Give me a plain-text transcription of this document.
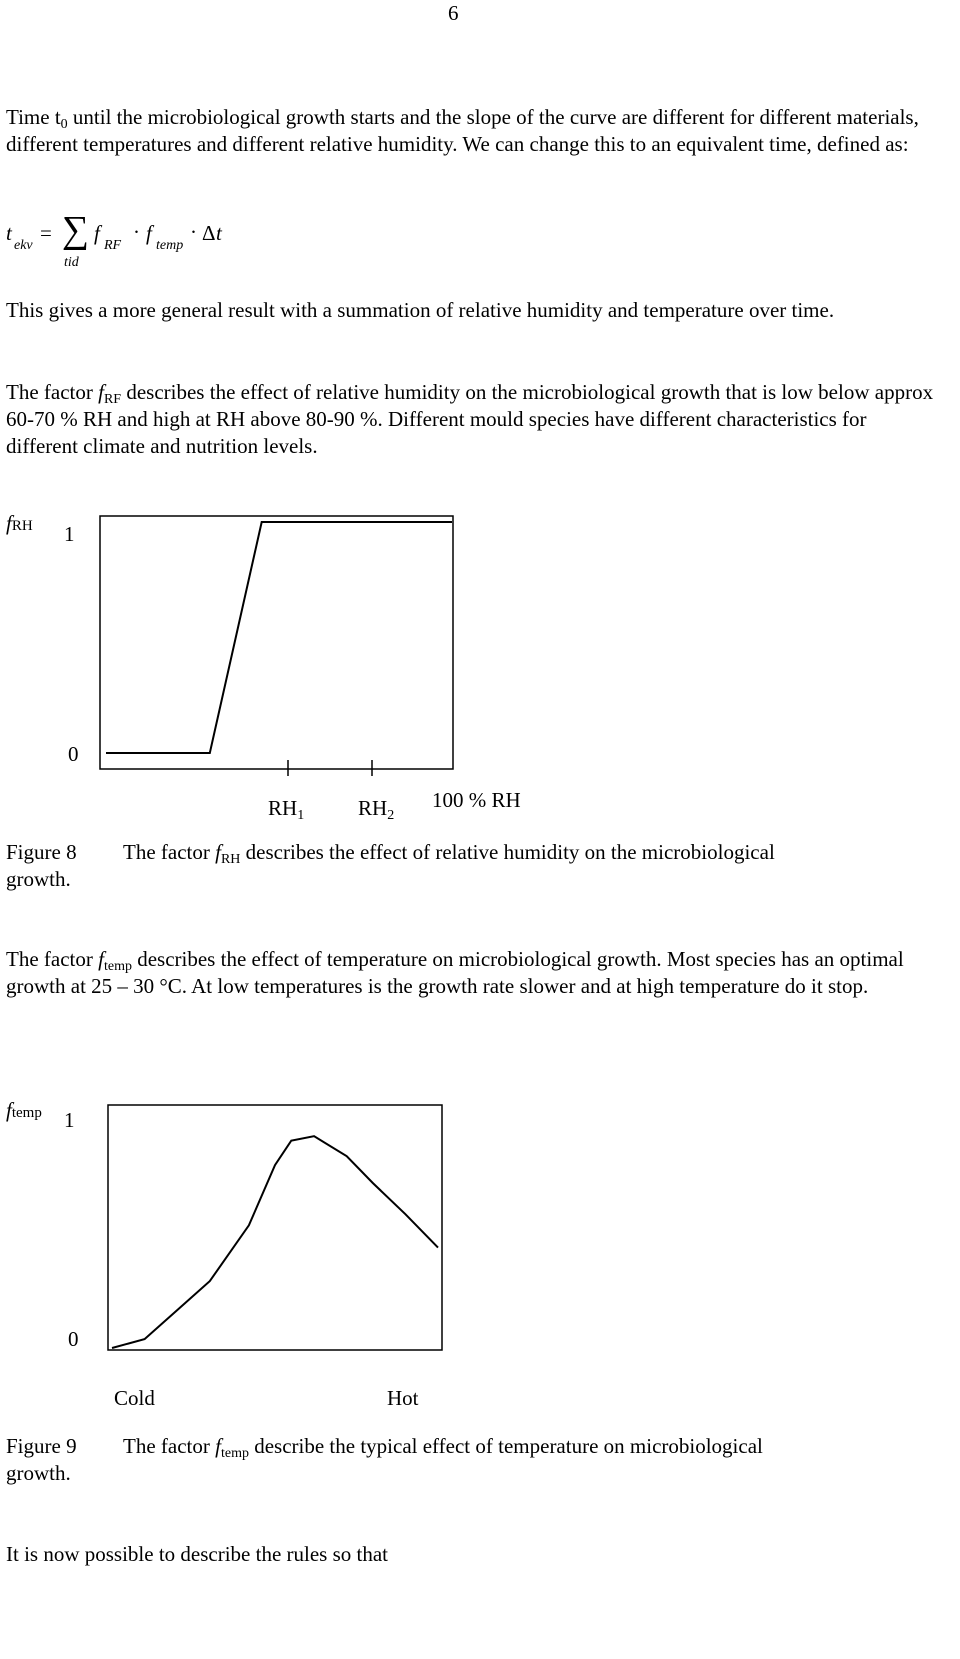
6

Time $t_0$ until the microbiological growth starts and the slope of the curve are different for different materials, different temperatures and different relative humidity. We can change this to an equivalent time, defined as:

t
ekv
= ∑
tid
f
RF
· f
temp
· Δ t

This gives a more general result with a summation of relative humidity and temperature over time.

The factor $f_{RF}$ describes the effect of relative humidity on the microbiological growth that is low below approx 60-70 % RH and high at RH above 80-90 %. Different mould species have different characteristics for different climate and nutrition levels.

fRH 1
0
$RH_1$	$RH_2$
100 % RH
Figure 8 The factor $f_{RH}$ describes the effect of relative humidity on the microbiological
growth.

The factor $f_{temp}$ describes the effect of temperature on microbiological growth. Most species has an optimal growth at 25 – 30 °C. At low temperatures is the growth rate slower and at high temperature do it stop.

ftemp 1
0
Cold	Hot
Figure 9 The factor $f_{temp}$ describe the typical effect of temperature on microbiological
growth.

It is now possible to describe the rules so that
